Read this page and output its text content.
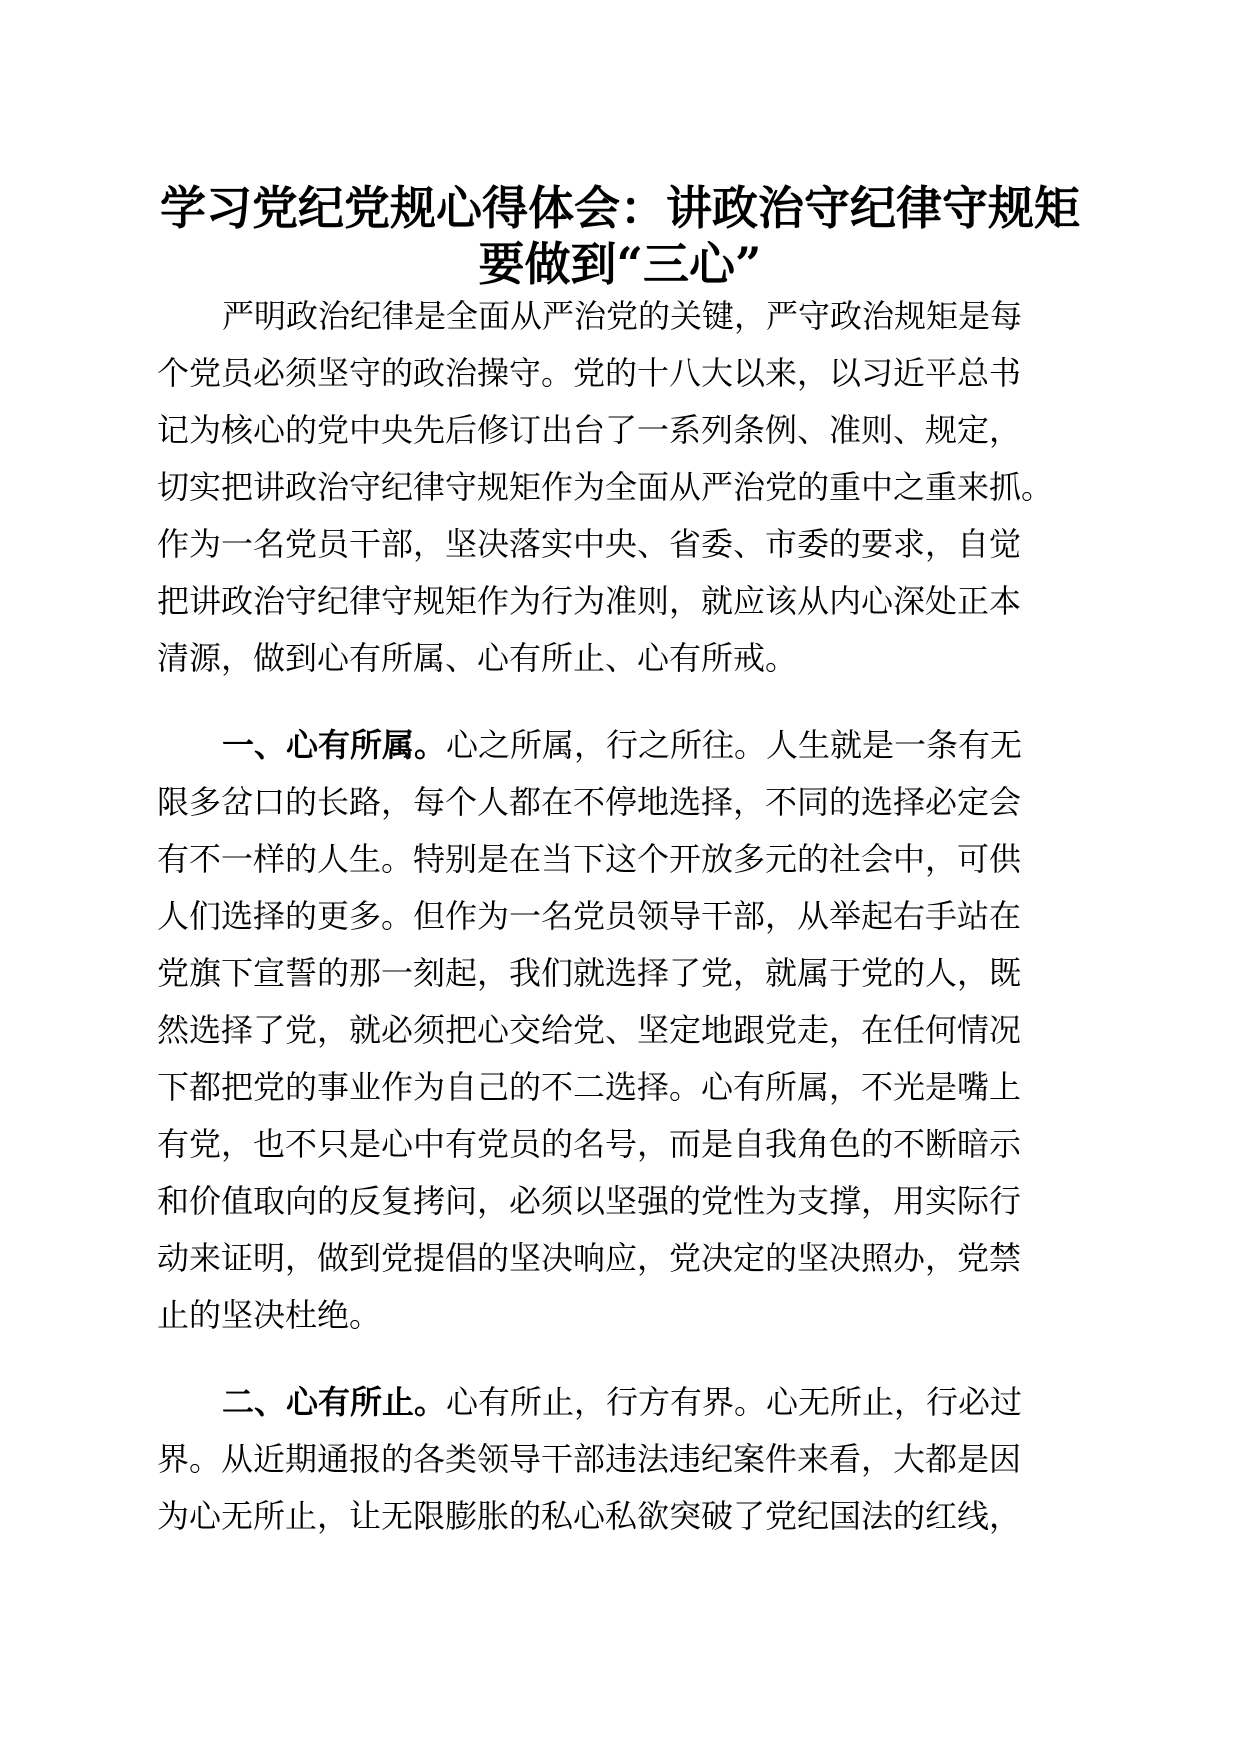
学习党纪党规心得体会：讲政治守纪律守规矩
要做到“三心”
严明政治纪律是全面从严治党的关键，严守政治规矩是每
个党员必须坚守的政治操守。党的十八大以来，以习近平总书
记为核心的党中央先后修订出台了一系列条例、准则、规定，
切实把讲政治守纪律守规矩作为全面从严治党的重中之重来抓。
作为一名党员干部，坚决落实中央、省委、市委的要求，自觉
把讲政治守纪律守规矩作为行为准则，就应该从内心深处正本
清源，做到心有所属、心有所止、心有所戒。
一、心有所属。心之所属，行之所往。人生就是一条有无
限多岔口的长路，每个人都在不停地选择，不同的选择必定会
有不一样的人生。特别是在当下这个开放多元的社会中，可供
人们选择的更多。但作为一名党员领导干部，从举起右手站在
党旗下宣誓的那一刻起，我们就选择了党，就属于党的人，既
然选择了党，就必须把心交给党、坚定地跟党走，在任何情况
下都把党的事业作为自己的不二选择。心有所属，不光是嘴上
有党，也不只是心中有党员的名号，而是自我角色的不断暗示
和价值取向的反复拷问，必须以坚强的党性为支撑，用实际行
动来证明，做到党提倡的坚决响应，党决定的坚决照办，党禁
止的坚决杜绝。
二、心有所止。心有所止，行方有界。心无所止，行必过
界。从近期通报的各类领导干部违法违纪案件来看，大都是因
为心无所止，让无限膨胀的私心私欲突破了党纪国法的红线，
